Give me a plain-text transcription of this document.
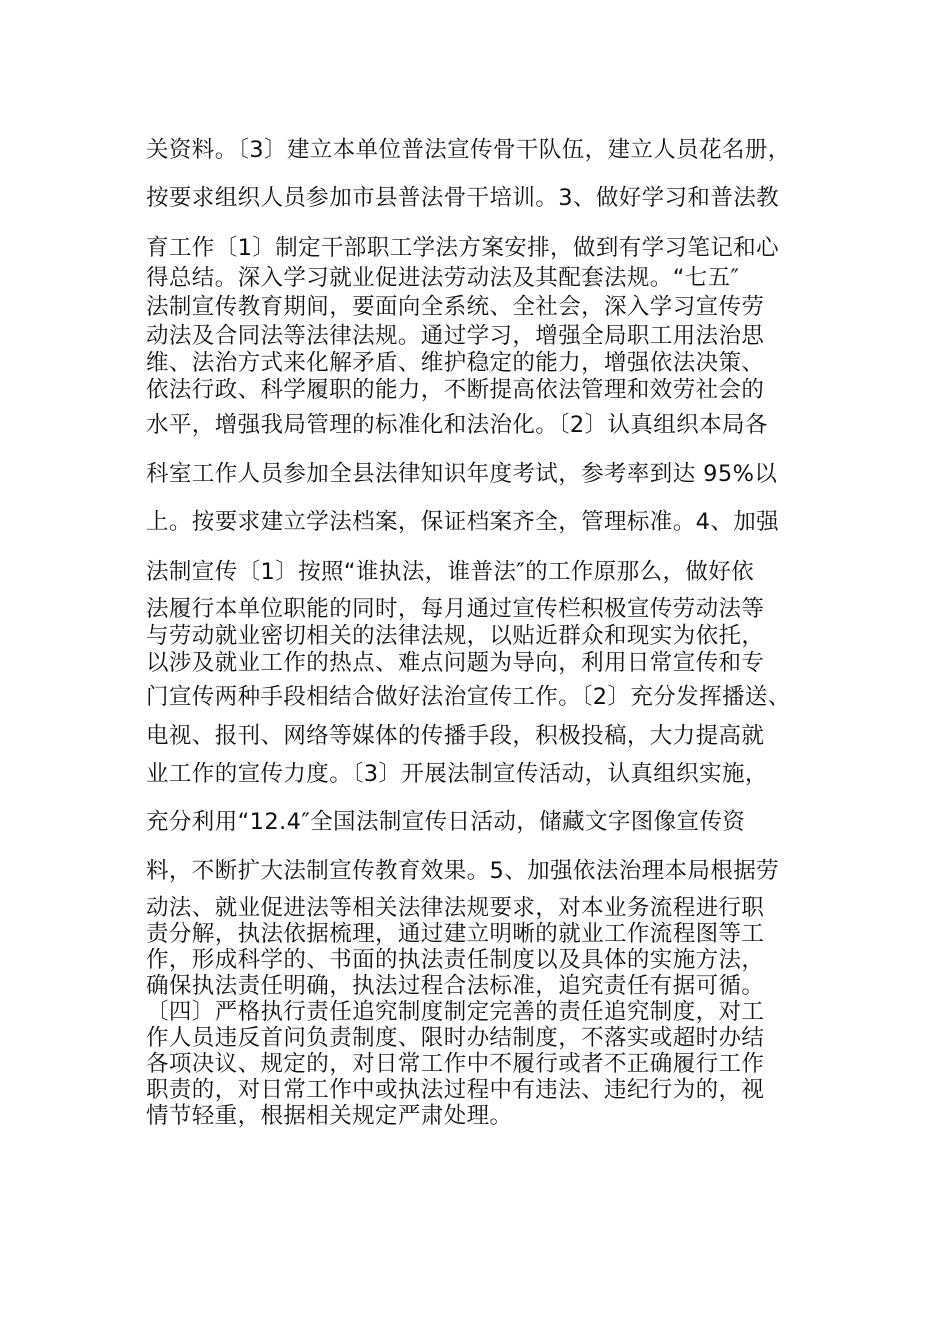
关资料。〔3〕建立本单位普法宣传骨干队伍，建立人员花名册，
按要求组织人员参加市县普法骨干培训。3、做好学习和普法教
育工作〔1〕制定干部职工学法方案安排，做到有学习笔记和心
得总结。深入学习就业促进法劳动法及其配套法规。“七五″
法制宣传教育期间，要面向全系统、全社会，深入学习宣传劳
动法及合同法等法律法规。通过学习，增强全局职工用法治思
维、法治方式来化解矛盾、维护稳定的能力，增强依法决策、
依法行政、科学履职的能力，不断提高依法管理和效劳社会的
水平，增强我局管理的标准化和法治化。〔2〕认真组织本局各
科室工作人员参加全县法律知识年度考试，参考率到达 95%以
上。按要求建立学法档案，保证档案齐全，管理标准。4、加强
法制宣传〔1〕按照“谁执法，谁普法″的工作原那么，做好依
法履行本单位职能的同时，每月通过宣传栏积极宣传劳动法等
与劳动就业密切相关的法律法规，以贴近群众和现实为依托，
以涉及就业工作的热点、难点问题为导向，利用日常宣传和专
门宣传两种手段相结合做好法治宣传工作。〔2〕充分发挥播送、
电视、报刊、网络等媒体的传播手段，积极投稿，大力提高就
业工作的宣传力度。〔3〕开展法制宣传活动，认真组织实施，
充分利用“12.4″全国法制宣传日活动，储藏文字图像宣传资
料，不断扩大法制宣传教育效果。5、加强依法治理本局根据劳
动法、就业促进法等相关法律法规要求，对本业务流程进行职
责分解，执法依据梳理，通过建立明晰的就业工作流程图等工
作，形成科学的、书面的执法责任制度以及具体的实施方法，
确保执法责任明确，执法过程合法标准，追究责任有据可循。
〔四〕严格执行责任追究制度制定完善的责任追究制度，对工
作人员违反首问负责制度、限时办结制度，不落实或超时办结
各项决议、规定的，对日常工作中不履行或者不正确履行工作
职责的，对日常工作中或执法过程中有违法、违纪行为的，视
情节轻重，根据相关规定严肃处理。
